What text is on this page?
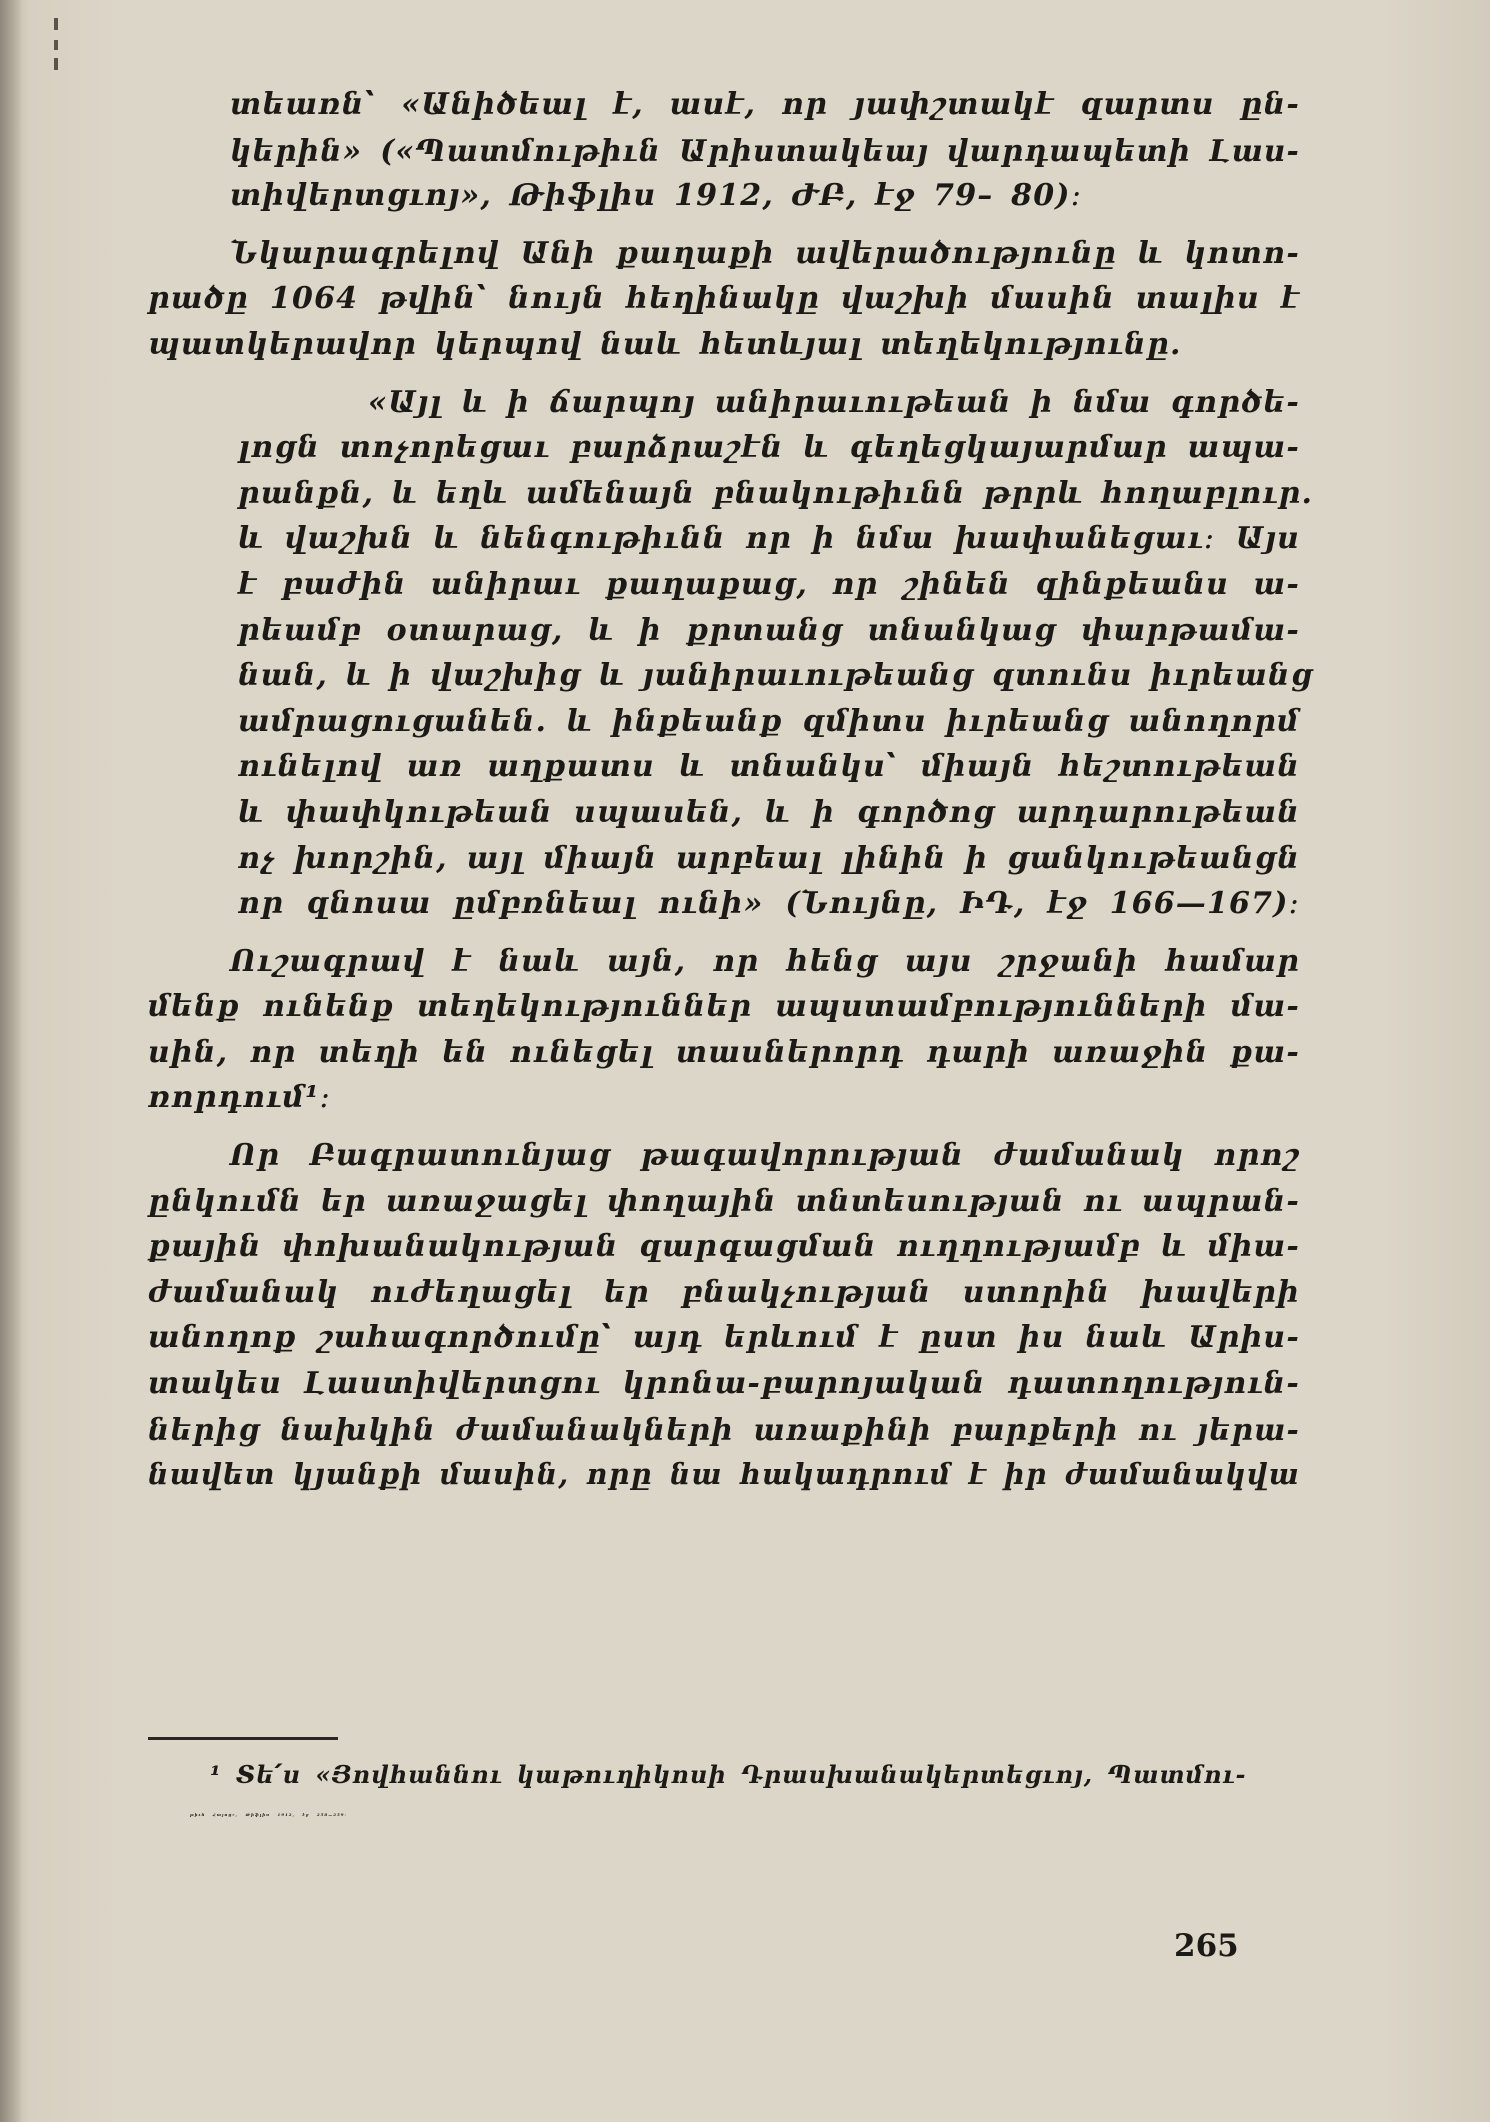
տեառն՝ «Անիծեալ է, ասէ, որ յափշտակէ զարտս ըն-

կերին» («Պատմութիւն Արիստակեայ վարդապետի Լաս-

տիվերտցւոյ», Թիֆլիս 1912, ԺԲ, էջ 79– 80)։

Նկարագրելով Անի քաղաքի ավերածությունը և կոտո-

րածը 1064 թվին՝ նույն հեղինակը վաշխի մասին տալիս է

պատկերավոր կերպով նաև հետևյալ տեղեկությունը.

«Այլ և ի ճարպոյ անիրաւութեան ի նմա գործե-

լոցն տոչորեցաւ բարձրաշէն և գեղեցկայարմար ապա-

րանքն, և եղև ամենայն բնակութիւնն թրրև հողաբլուր.

և վաշխն և նենգութիւնն որ ի նմա խափանեցաւ։ Այս

է բաժին անիրաւ քաղաքաց, որ շինեն զինքեանս ա-

րեամբ օտարաց, և ի քրտանց տնանկաց փարթամա-

նան, և ի վաշխից և յանիրաւութեանց զտունս իւրեանց

ամրացուցանեն. և ինքեանք զմիտս իւրեանց անողորմ

ունելով առ աղքատս և տնանկս՝ միայն հեշտութեան

և փափկութեան սպասեն, և ի գործոց արդարութեան

ոչ խորշին, այլ միայն արբեալ լինին ի ցանկութեանցն

որ զնոսա ըմբռնեալ ունի» (Նույնը, ԻԴ, էջ 166—167)։

Ուշագրավ է նաև այն, որ հենց այս շրջանի համար

մենք ունենք տեղեկություններ ապստամբությունների մա-

սին, որ տեղի են ունեցել տասներորդ դարի առաջին քա-

ռորդում¹։

Որ Բագրատունյաց թագավորության ժամանակ որոշ

ընկումն եր առաջացել փողային տնտեսության ու ապրան-

քային փոխանակության զարգացման ուղղությամբ և միա-

ժամանակ ուժեղացել եր բնակչության ստորին խավերի

անողոք շահագործումը՝ այդ երևում է ըստ իս նաև Արիս-

տակես Լաստիվերտցու կրոնա-բարոյական դատողություն-

ներից նախկին ժամանակների առաքինի բարքերի ու յերա-

նավետ կյանքի մասին, որը նա հակադրում է իր ժամանակվա

¹ Տե՛ս «Յովհաննու կաթուղիկոսի Դրասխանակերտեցւոյ, Պատմու-

թիւն Հայոց», Թիֆլիս 1912, էջ 258—259։

265
